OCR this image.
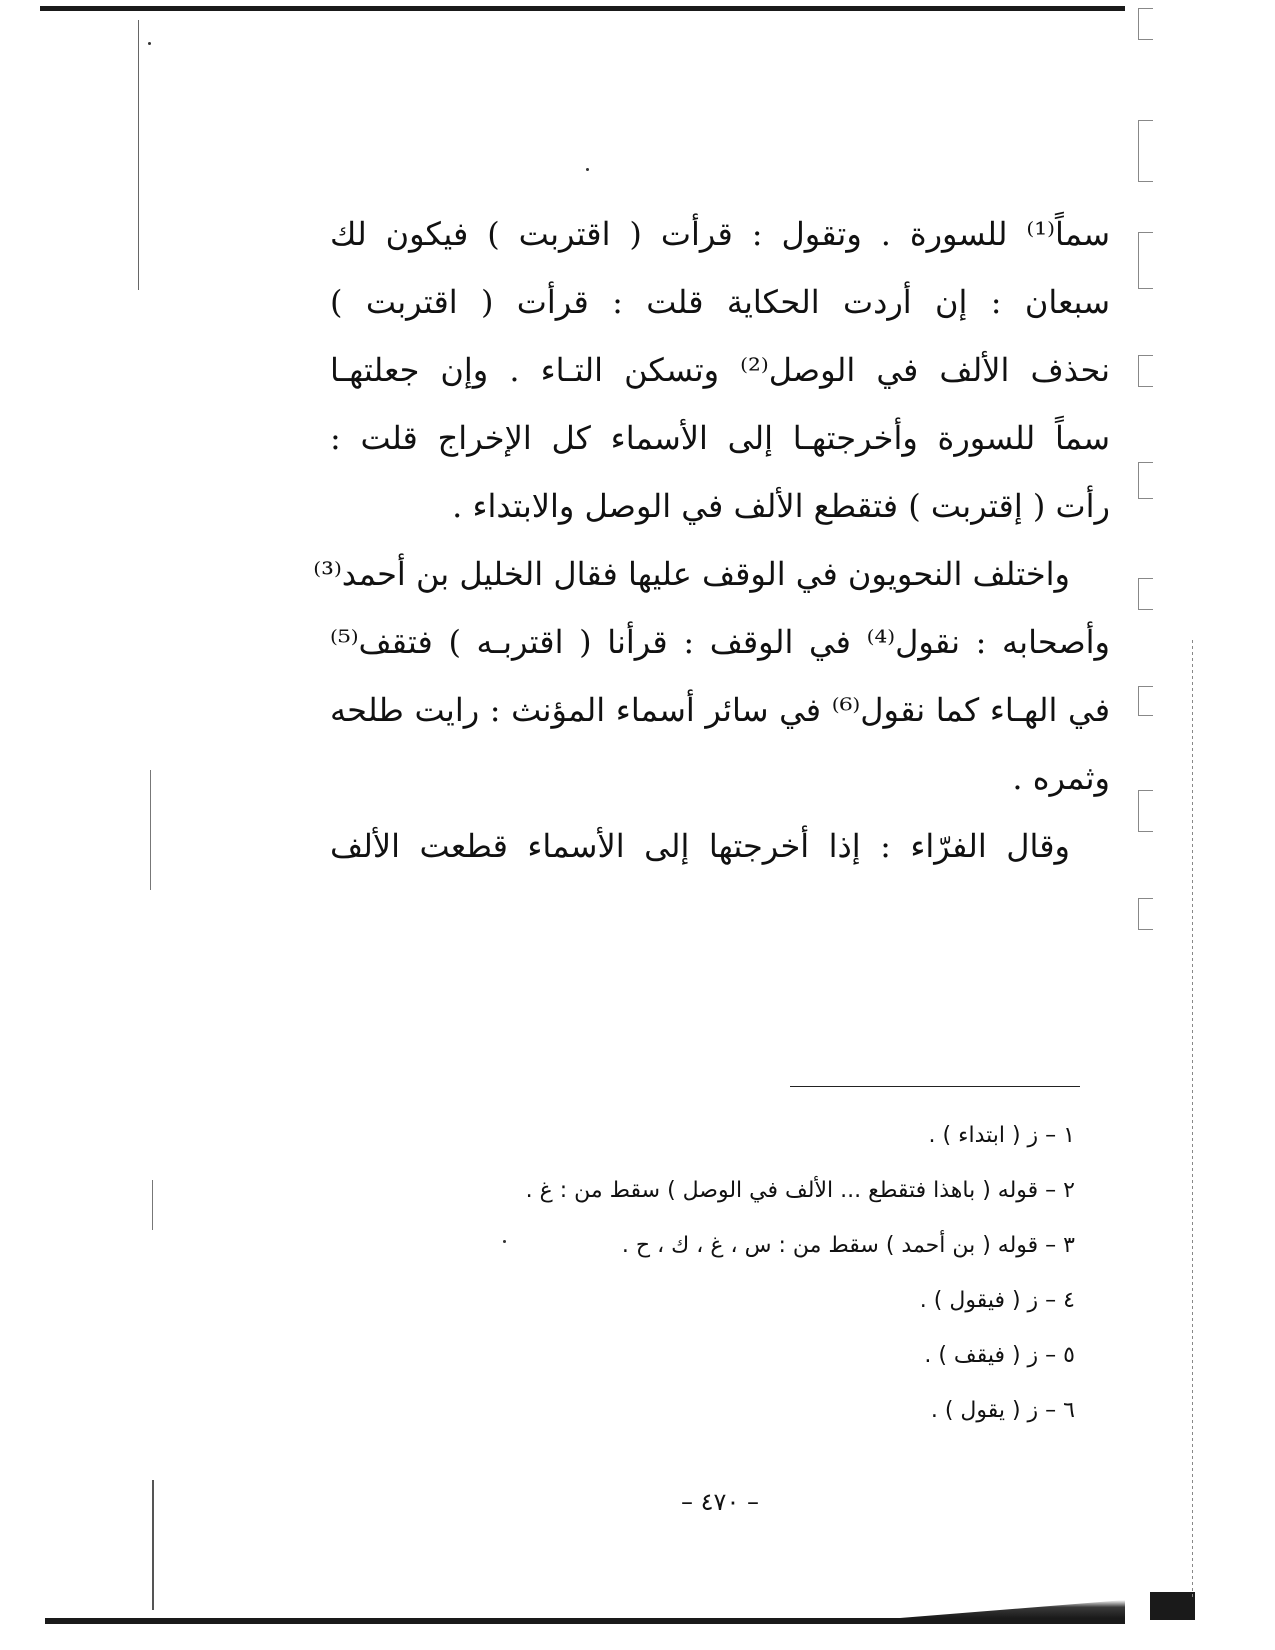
سماً⁽¹⁾ للسورة . وتقول : قرأت ( اقتربت ) فيكون لك
سبعان : إن أردت الحكاية قلت : قرأت ( اقتربت )
نحذف الألف في الوصل⁽²⁾ وتسكن التـاء . وإن جعلتهـا
سماً للسورة وأخرجتهـا إلى الأسماء كل الإخراج قلت :
رأت ( إقتربت ) فتقطع الألف في الوصل والابتداء .
واختلف النحويون في الوقف عليها فقال الخليل بن أحمد⁽³⁾
وأصحابه : نقول⁽⁴⁾ في الوقف : قرأنا ( اقتربـه ) فتقف⁽⁵⁾
في الهـاء كما نقول⁽⁶⁾ في سائر أسماء المؤنث : رايت طلحه
وثمره .
وقال الفرّاء : إذا أخرجتها إلى الأسماء قطعت الألف
١ – ز ( ابتداء ) .
٢ – قوله ( باهذا فتقطع ... الألف في الوصل ) سقط من : غ .
٣ – قوله ( بن أحمد ) سقط من : س ، غ ، ك ، ح .
٤ – ز ( فيقول ) .
٥ – ز ( فيقف ) .
٦ – ز ( يقول ) .
– ٤٧٠ –
